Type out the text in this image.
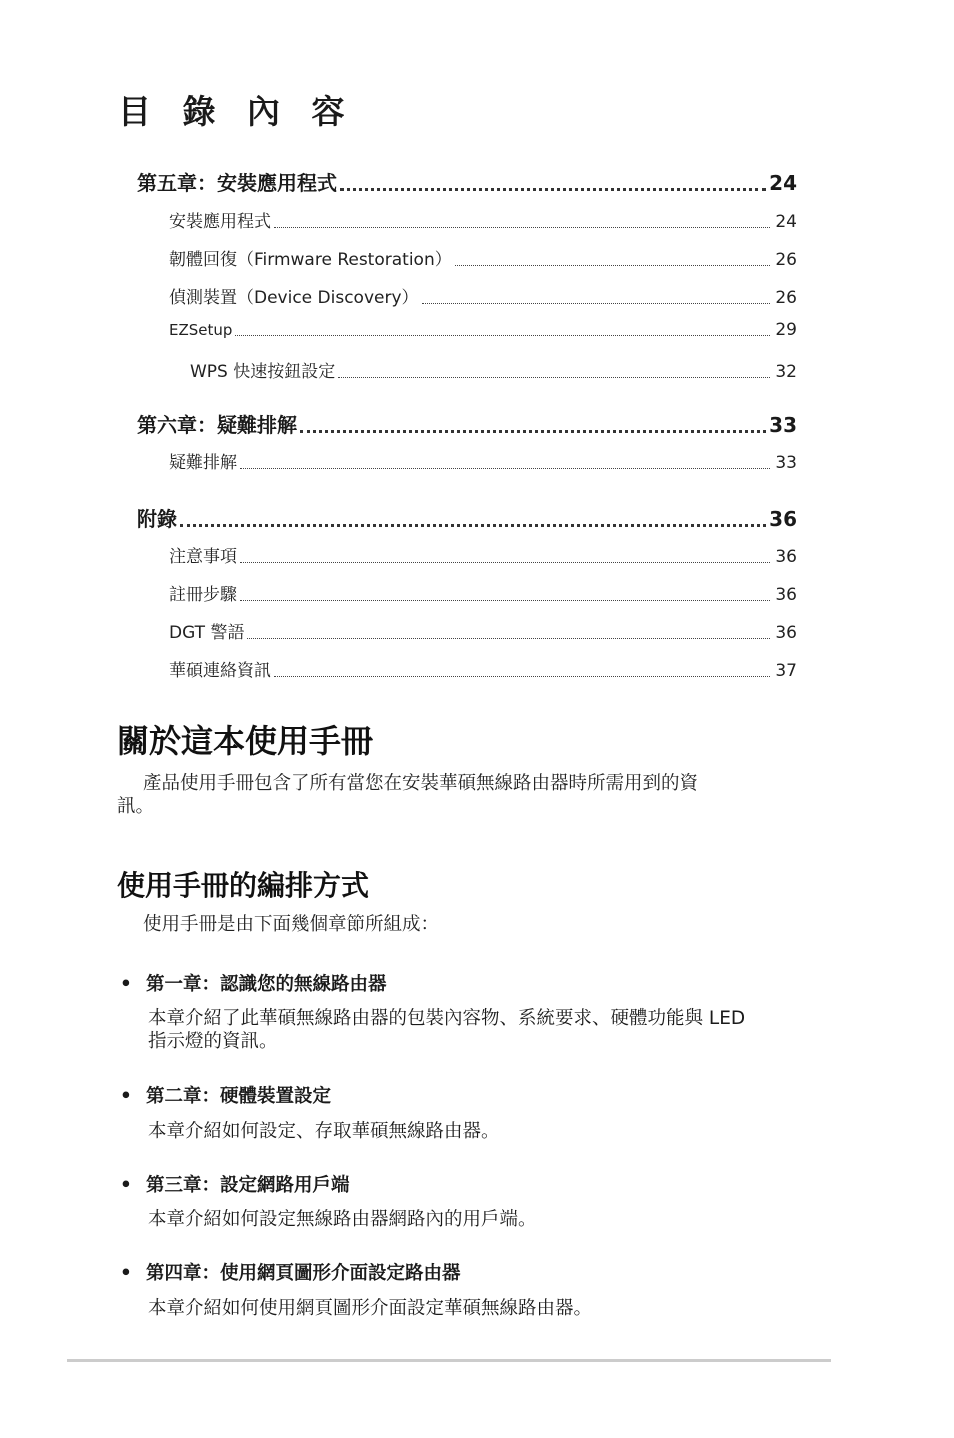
目 錄 內 容
第五章：安裝應用程式	24
安裝應用程式	24
韌體回復（Firmware Restoration）	26
偵測裝置（Device Discovery）	26
EZSetup	29
WPS 快速按鈕設定	32
第六章：疑難排解	33
疑難排解	33
附錄	36
注意事項	36
註冊步驟	36
DGT 警語	36
華碩連絡資訊	37
關於這本使用手冊

產品使用手冊包含了所有當您在安裝華碩無線路由器時所需用到的資

訊。

使用手冊的編排方式

使用手冊是由下面幾個章節所組成：

• 第一章：認識您的無線路由器

本章介紹了此華碩無線路由器的包裝內容物、系統要求、硬體功能與 LED

指示燈的資訊。

• 第二章：硬體裝置設定

本章介紹如何設定、存取華碩無線路由器。

• 第三章：設定網路用戶端

本章介紹如何設定無線路由器網路內的用戶端。

• 第四章：使用網頁圖形介面設定路由器

本章介紹如何使用網頁圖形介面設定華碩無線路由器。
